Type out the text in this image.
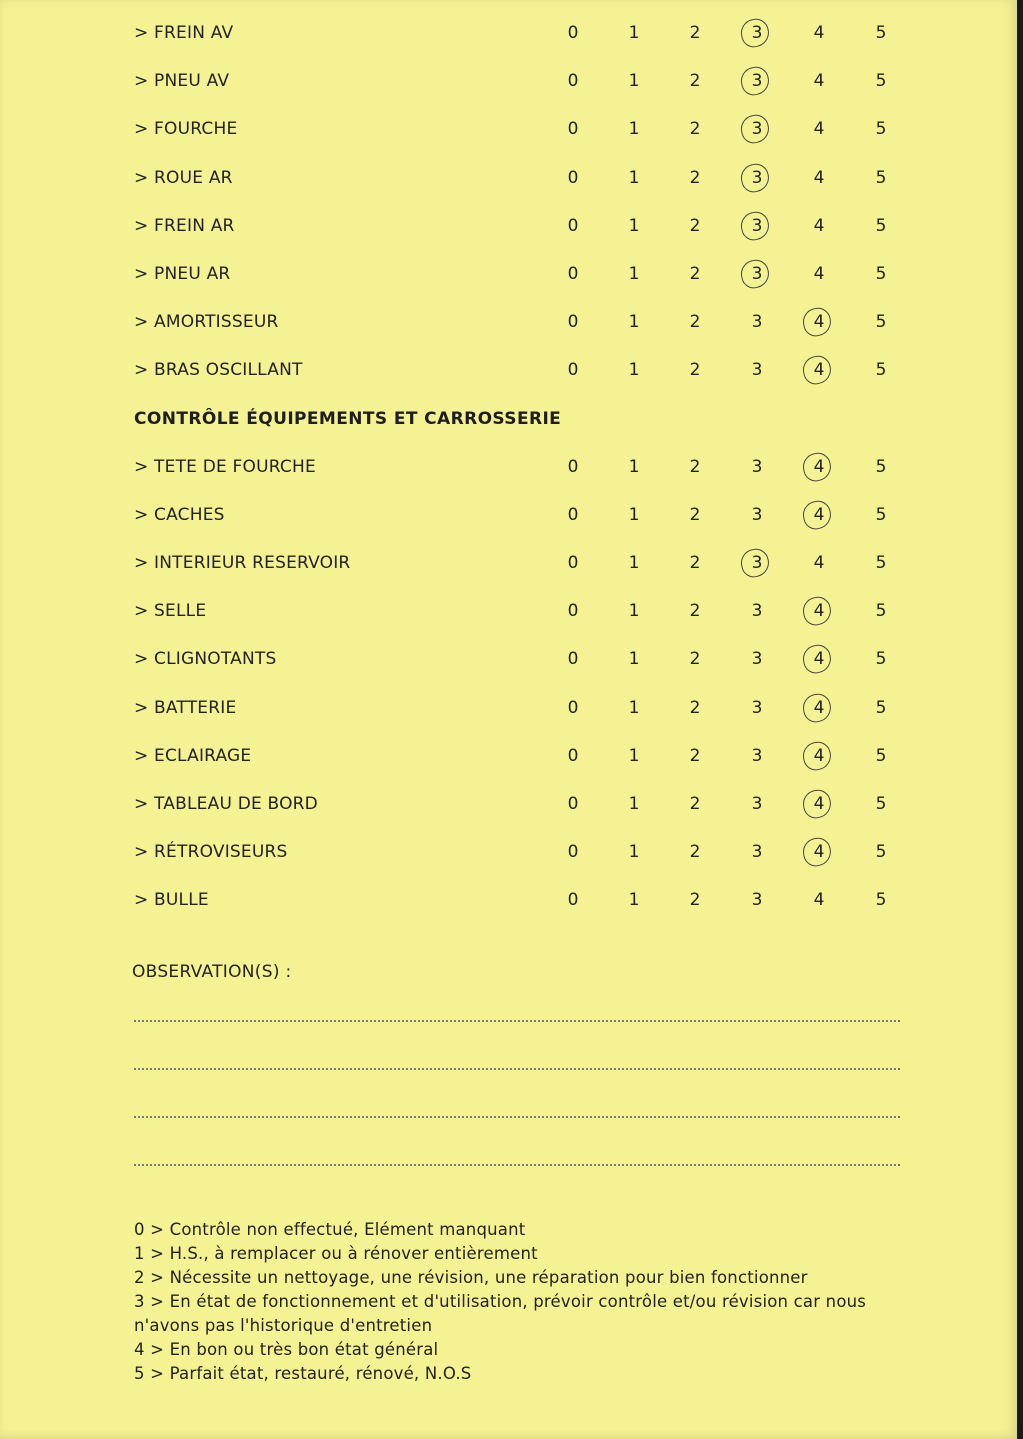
> FREIN AV	0	1	2	3	4	5
> PNEU AV	0	1	2	3	4	5
> FOURCHE	0	1	2	3	4	5
> ROUE AR	0	1	2	3	4	5
> FREIN AR	0	1	2	3	4	5
> PNEU AR	0	1	2	3	4	5
> AMORTISSEUR	0	1	2	3	4	5
> BRAS OSCILLANT	0	1	2	3	4	5
> TETE DE FOURCHE	0	1	2	3	4	5
> CACHES	0	1	2	3	4	5
> INTERIEUR RESERVOIR	0	1	2	3	4	5
> SELLE	0	1	2	3	4	5
> CLIGNOTANTS	0	1	2	3	4	5
> BATTERIE	0	1	2	3	4	5
> ECLAIRAGE	0	1	2	3	4	5
> TABLEAU DE BORD	0	1	2	3	4	5
> RÉTROVISEURS	0	1	2	3	4	5
> BULLE	0	1	2	3	4	5
CONTRÔLE ÉQUIPEMENTS ET CARROSSERIE
OBSERVATION(S) :
0 > Contrôle non effectué, Elément manquant
1 > H.S., à remplacer ou à rénover entièrement
2 > Nécessite un nettoyage, une révision, une réparation pour bien fonctionner
3 > En état de fonctionnement et d'utilisation, prévoir contrôle et/ou révision car nous n'avons pas l'historique d'entretien
4 > En bon ou très bon état général
5 > Parfait état, restauré, rénové, N.O.S
